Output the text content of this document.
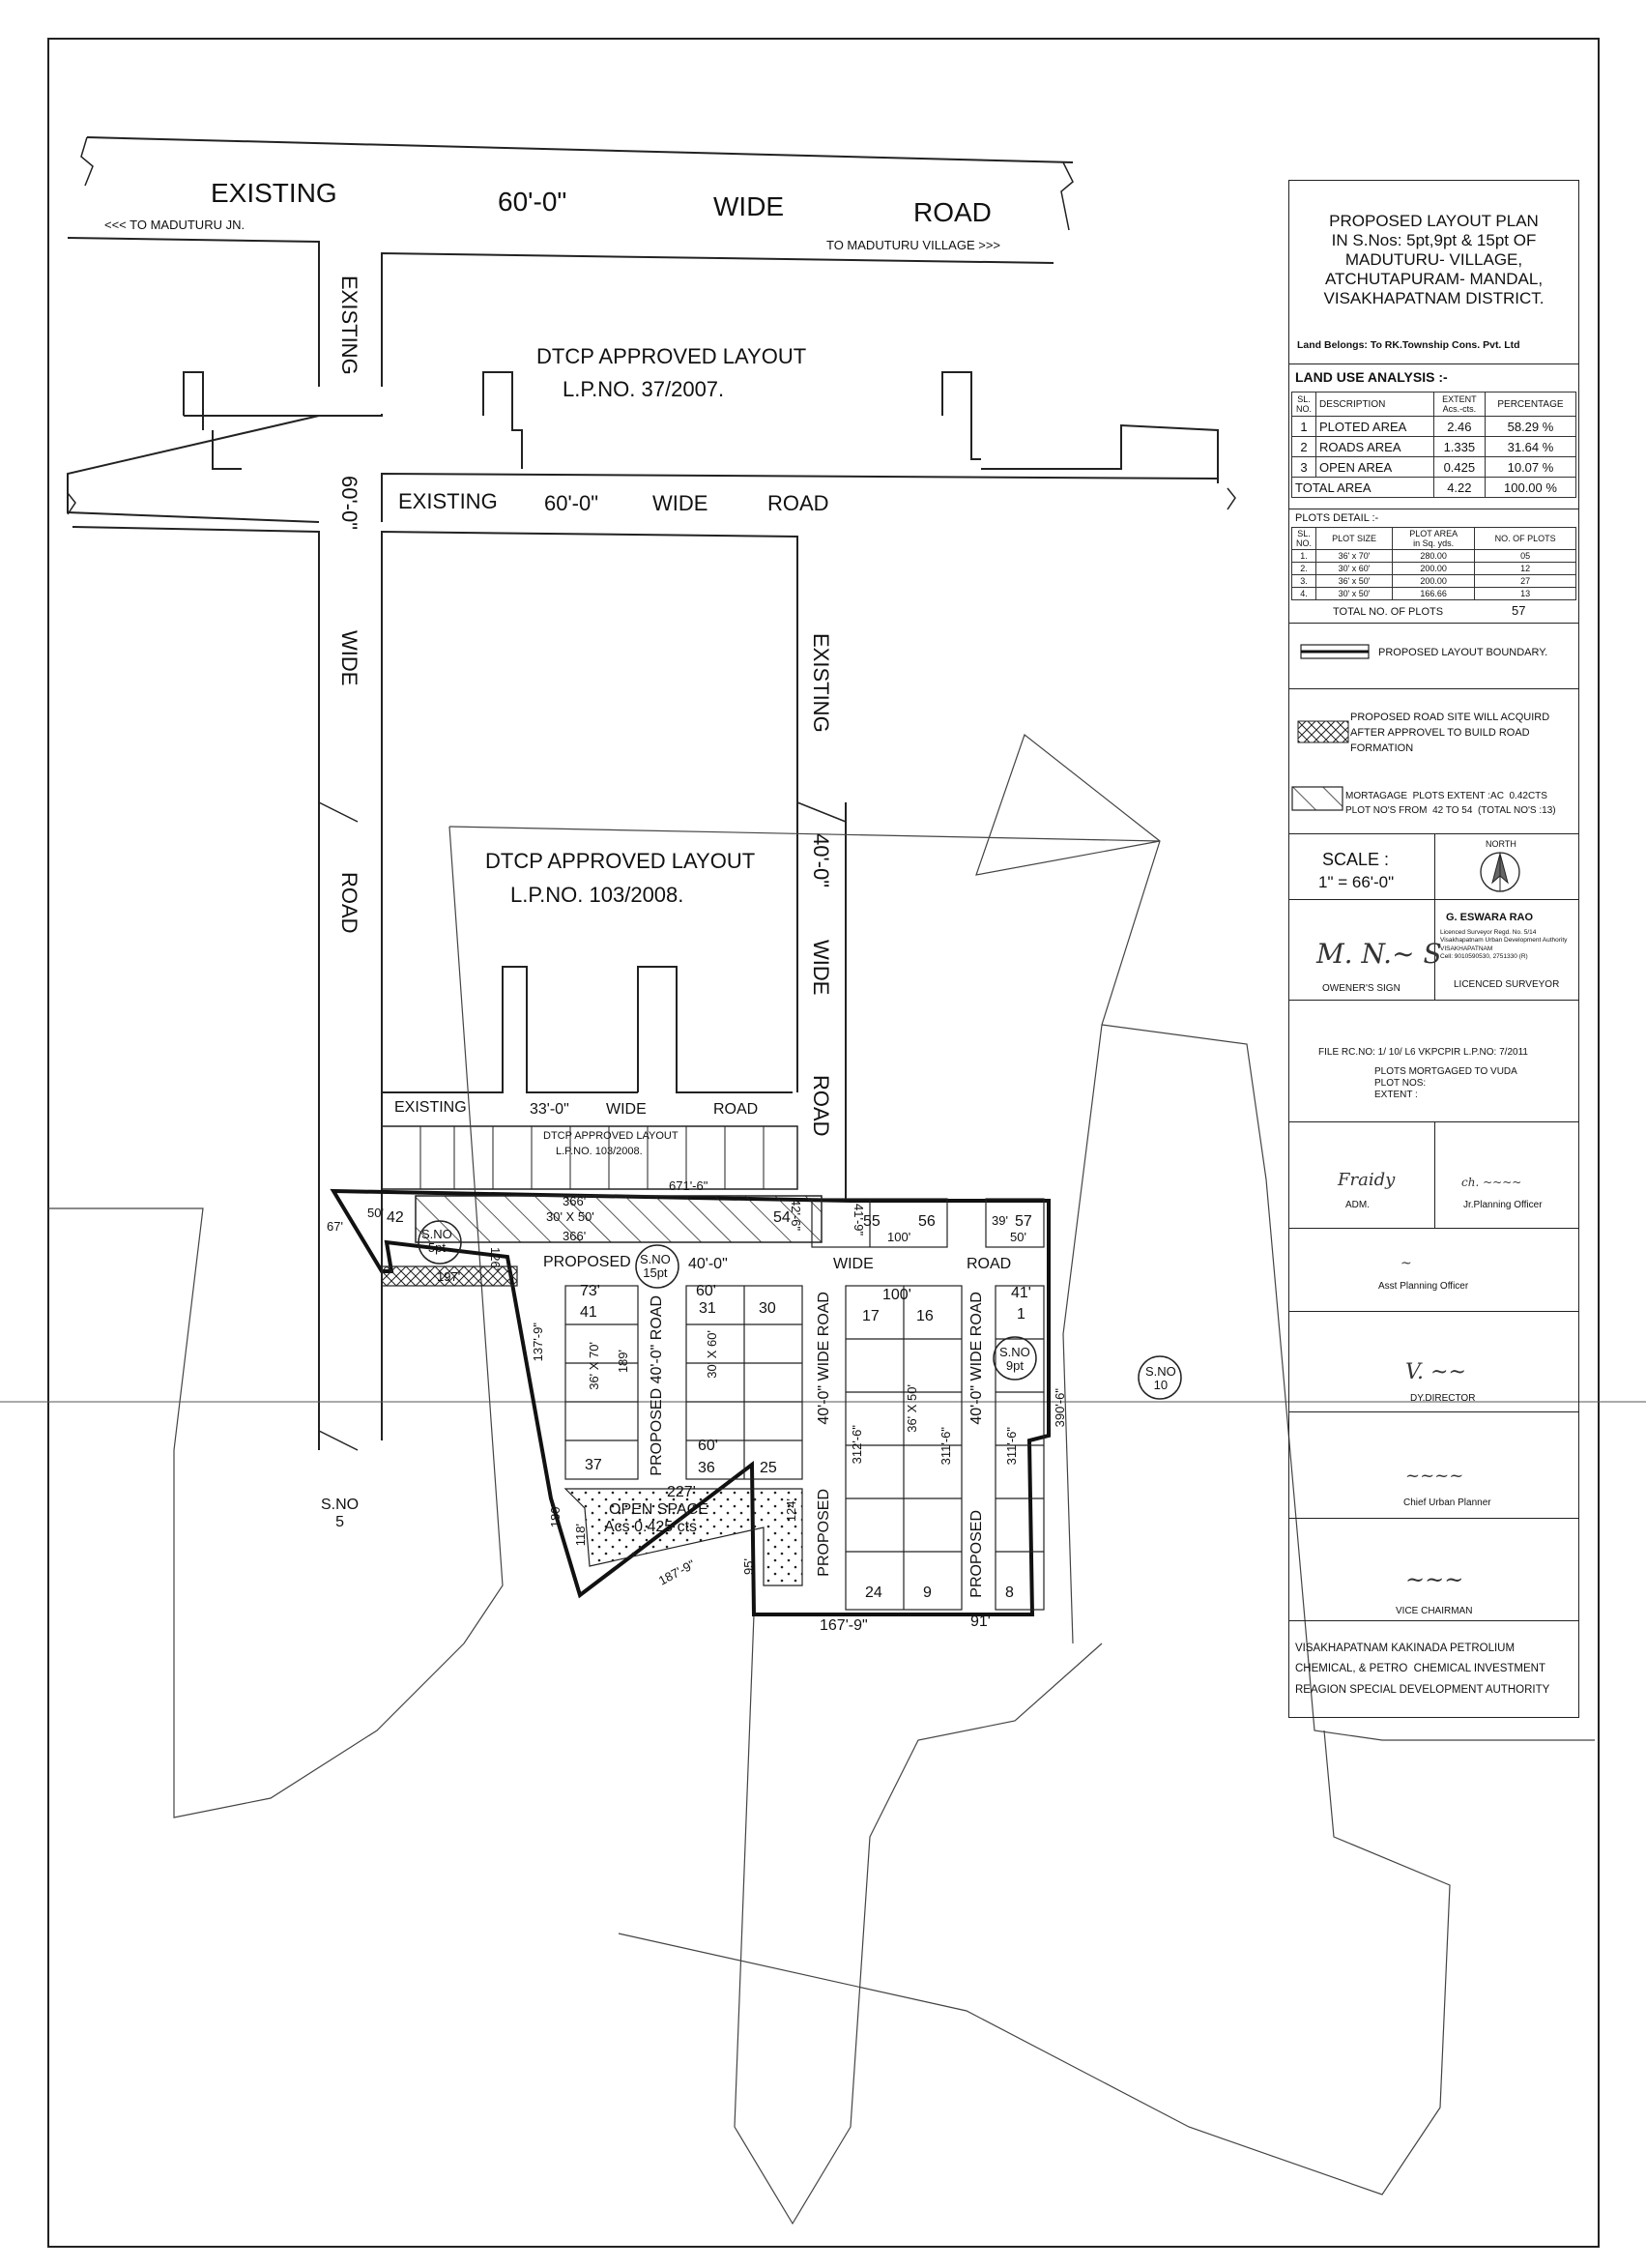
EXISTING	60'-0"	WIDE	ROAD
<<< TO MADUTURU JN.
TO MADUTURU VILLAGE >>>
EXISTING	DTCP APPROVED LAYOUT
L.P.NO. 37/2007.
EXISTING 60'-0"	WIDE	ROAD
60'-0"
WIDE
ROAD
EXISTING
40'-0"
WIDE
ROAD
DTCP APPROVED LAYOUT
L.P.NO. 103/2008.
EXISTING	33'-0" WIDE	ROAD
DTCP APPROVED LAYOUT
L.P.NO. 103/2008.
671'-6"
366'
30' X 50'
366'
42
50'
67'
S.NO
5pt
54
42'-6"	41'-9"
55 56
100'
39' 57
50'
197'
126'	PROPOSED	40'-0"	WIDE	ROAD
S.NO
15pt
73'
41
60'
31	30
100'
17 16
41'
1
137'-9"	36' X 70' 189' PROPOSED 40'-0" ROAD	30' X 60'	40'-0" WIDE ROAD
312'-6"
36' X 50'
311'-6"
40'-0" WIDE ROAD
311'-6"
390'-6"
S.NO
9pt	S.NO
10
37
60'
36	25
227'
OPEN SPACE
Acs 0.425 cts
180'
118'
124'
187'-9"	95'	PROPOSED	PROPOSED
24	9	8
167'-9"	91'
S.NO
5
PROPOSED LAYOUT PLAN
IN S.Nos: 5pt,9pt & 15pt OF
MADUTURU- VILLAGE,
ATCHUTAPURAM- MANDAL,
VISAKHAPATNAM DISTRICT.
Land Belongs: To RK.Township Cons. Pvt. Ltd
LAND USE ANALYSIS :-
SL.
NO.	DESCRIPTION	EXTENT
Acs.-cts.	PERCENTAGE
1	PLOTED AREA	2.46	58.29 %
2	ROADS AREA	1.335	31.64 %
3	OPEN AREA	0.425	10.07 %
TOTAL AREA		4.22	100.00 %
PLOTS DETAIL :-
SL.
NO.	PLOT SIZE	PLOT AREA
in Sq. yds.	NO. OF PLOTS
1.	36' x 70'	280.00	05
2.	30' x 60'	200.00	12
3.	36' x 50'	200.00	27
4.	30' x 50'	166.66	13
TOTAL NO. OF PLOTS	57
PROPOSED LAYOUT BOUNDARY.
PROPOSED ROAD SITE WILL ACQUIRD
AFTER APPROVEL TO BUILD ROAD
FORMATION
MORTAGAGE  PLOTS EXTENT :AC  0.42CTS
PLOT NO'S FROM  42 TO 54  (TOTAL NO'S :13)
SCALE :
1" = 66'-0"
NORTH
M. N.~ S
OWENER'S SIGN
G. ESWARA RAO
Licenced Surveyor Regd. No. 5/14
Visakhapatnam Urban Development Authority
VISAKHAPATNAM
Cell: 9010590530, 2751330 (R)
LICENCED SURVEYOR
FILE RC.NO: 1/ 10/ L6 VKPCPIR L.P.NO: 7/2011
PLOTS MORTGAGED TO VUDA
PLOT NOS:
EXTENT :
Fraidy
ADM.
ch. ~~~~
Jr.Planning Officer
~
Asst Planning Officer
V. ~~
DY.DIRECTOR
~~~~
Chief Urban Planner
~~~
VICE CHAIRMAN
VISAKHAPATNAM KAKINADA PETROLIUM
CHEMICAL, & PETRO  CHEMICAL INVESTMENT
REAGION SPECIAL DEVELOPMENT AUTHORITY
